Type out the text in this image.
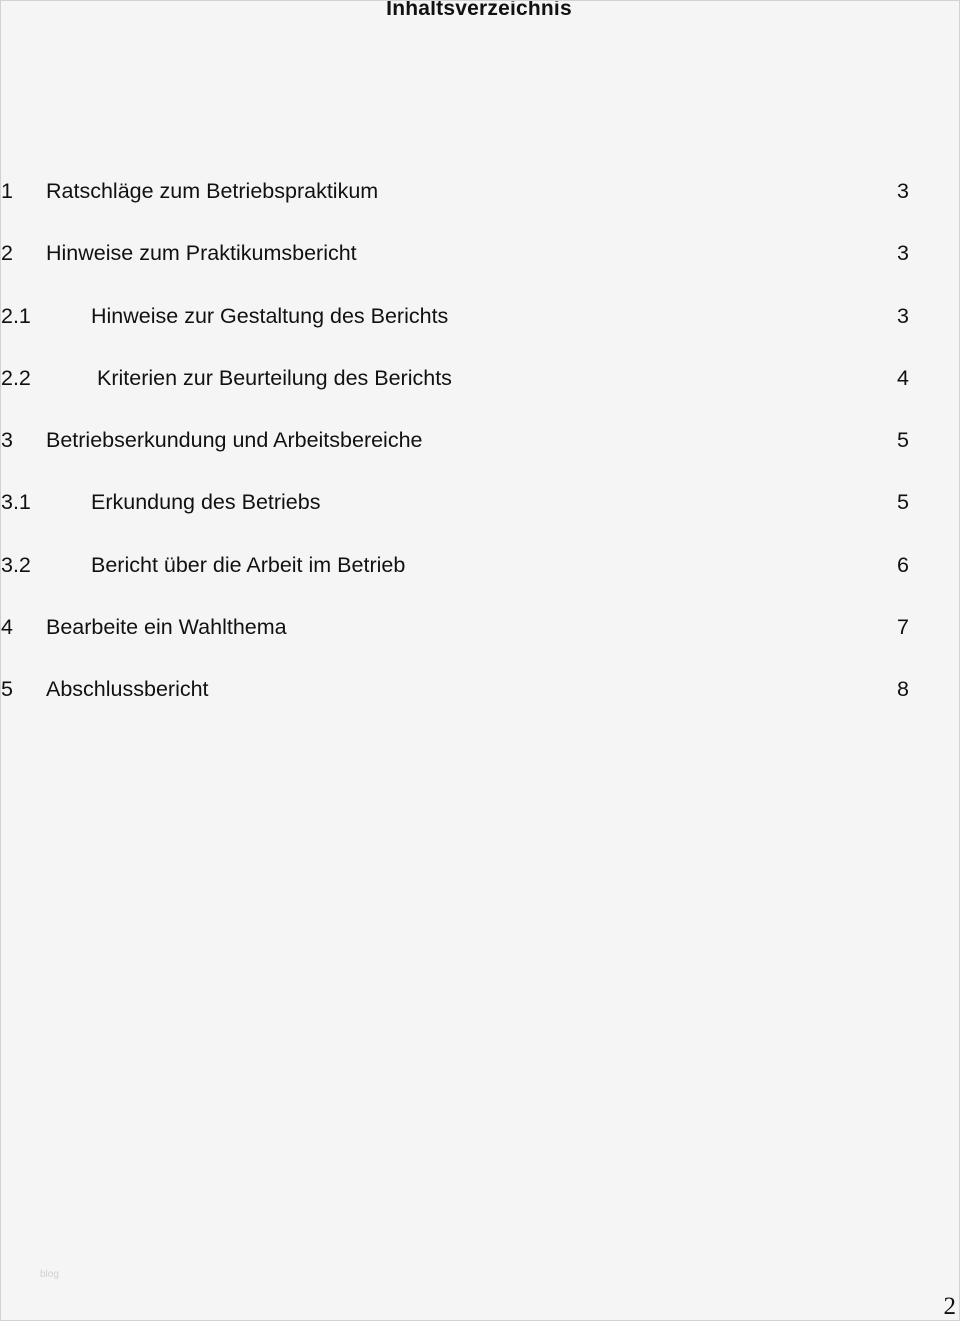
Inhaltsverzeichnis
1 Ratschläge zum Betriebspraktikum	3
2 Hinweise zum Praktikumsbericht	3
2.1	Hinweise zur Gestaltung des Berichts	3
2.2	Kriterien zur Beurteilung des Berichts	4
3 Betriebserkundung und Arbeitsbereiche	5
3.1	Erkundung des Betriebs	5
3.2	Bericht über die Arbeit im Betrieb	6
4 Bearbeite ein Wahlthema	7
5 Abschlussbericht	8
blog
2
